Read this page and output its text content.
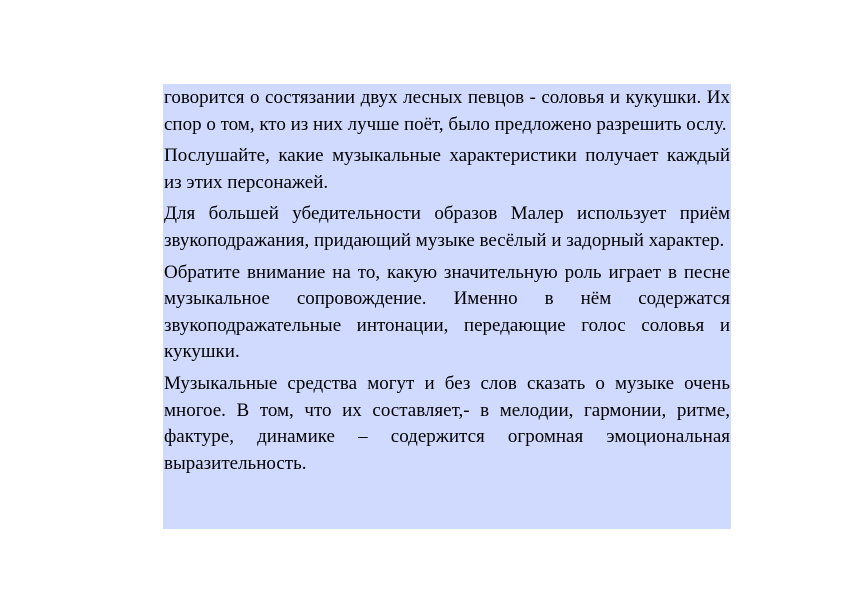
говорится о состязании двух лесных певцов - соловья и кукушки. Их спор о том, кто из них лучше поёт, было предложено разрешить ослу.

Послушайте, какие музыкальные характеристики получает каждый из этих персонажей.

Для большей убедительности образов Малер использует приём звукоподражания, придающий музыке весёлый и задорный характер.

Обратите внимание на то, какую значительную роль играет в песне музыкальное сопровождение. Именно в нём содержатся звукоподражательные интонации, передающие голос соловья и кукушки.

Музыкальные средства могут и без слов сказать о музыке очень многое. В том, что их составляет,- в мелодии, гармонии, ритме, фактуре, динамике – содержится огромная эмоциональная выразительность.
